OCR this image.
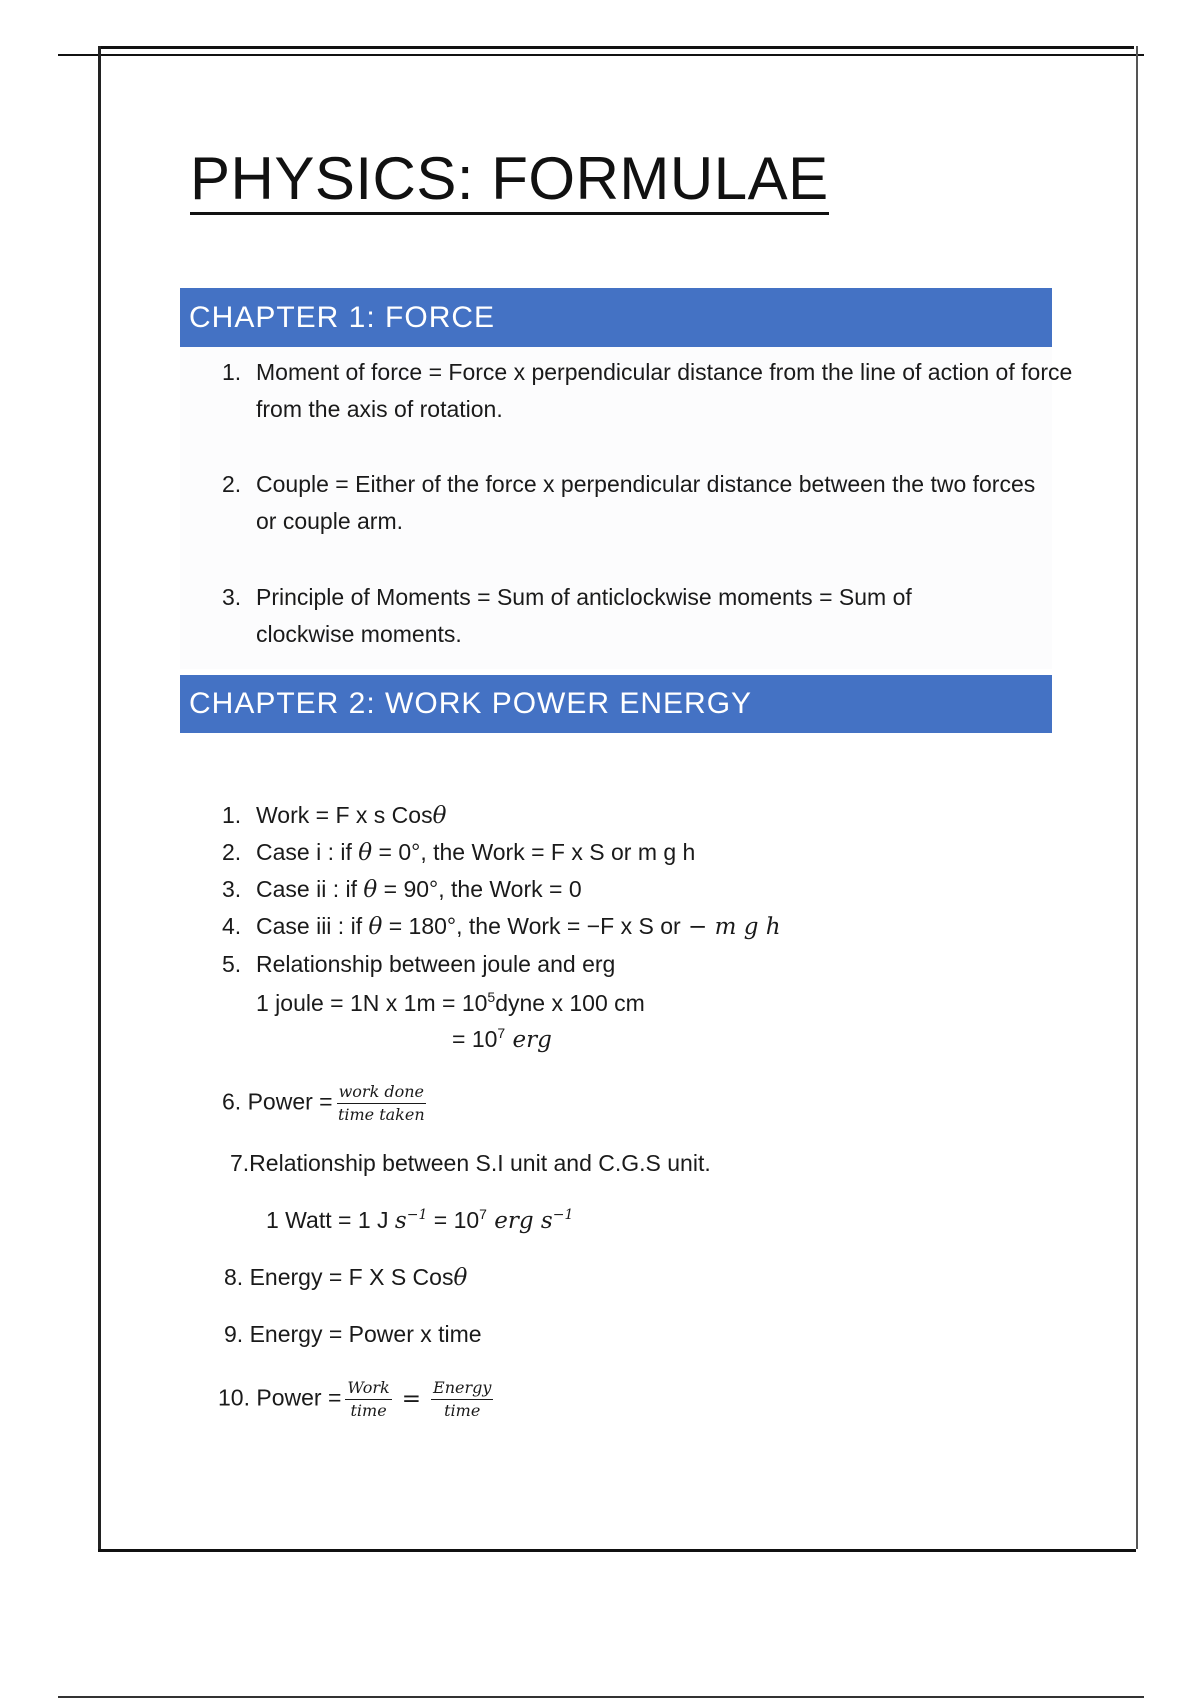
PHYSICS: FORMULAE
CHAPTER 1: FORCE
1. Moment of force = Force x perpendicular distance from the line of action of force from the axis of rotation.
2. Couple = Either of the force x perpendicular distance between the two forces or couple arm.
3. Principle of Moments = Sum of anticlockwise moments = Sum of clockwise moments.
CHAPTER 2: WORK POWER ENERGY
1. Work = F x s Cosθ
2. Case i : if θ = 0°, the Work = F x S or m g h
3. Case ii : if θ = 90°, the Work = 0
4. Case iii : if θ = 180°, the Work = −F x S or − m g h
5. Relationship between joule and erg
1 joule = 1N x $1m = 10^5dyne$ x 100 cm
= $10^7$ erg
6. Power = $\frac{\text{work done}}{\text{time taken}}$
7.Relationship between S.I unit and C.G.S unit.
1 Watt = 1 J $s^{-1} = 10^7$ erg $s^{-1}$
8. Energy = F X S Cosθ
9. Energy = Power x time
10. Power = $\frac{\text{Work}}{\text{time}} = \frac{\text{Energy}}{\text{time}}$
